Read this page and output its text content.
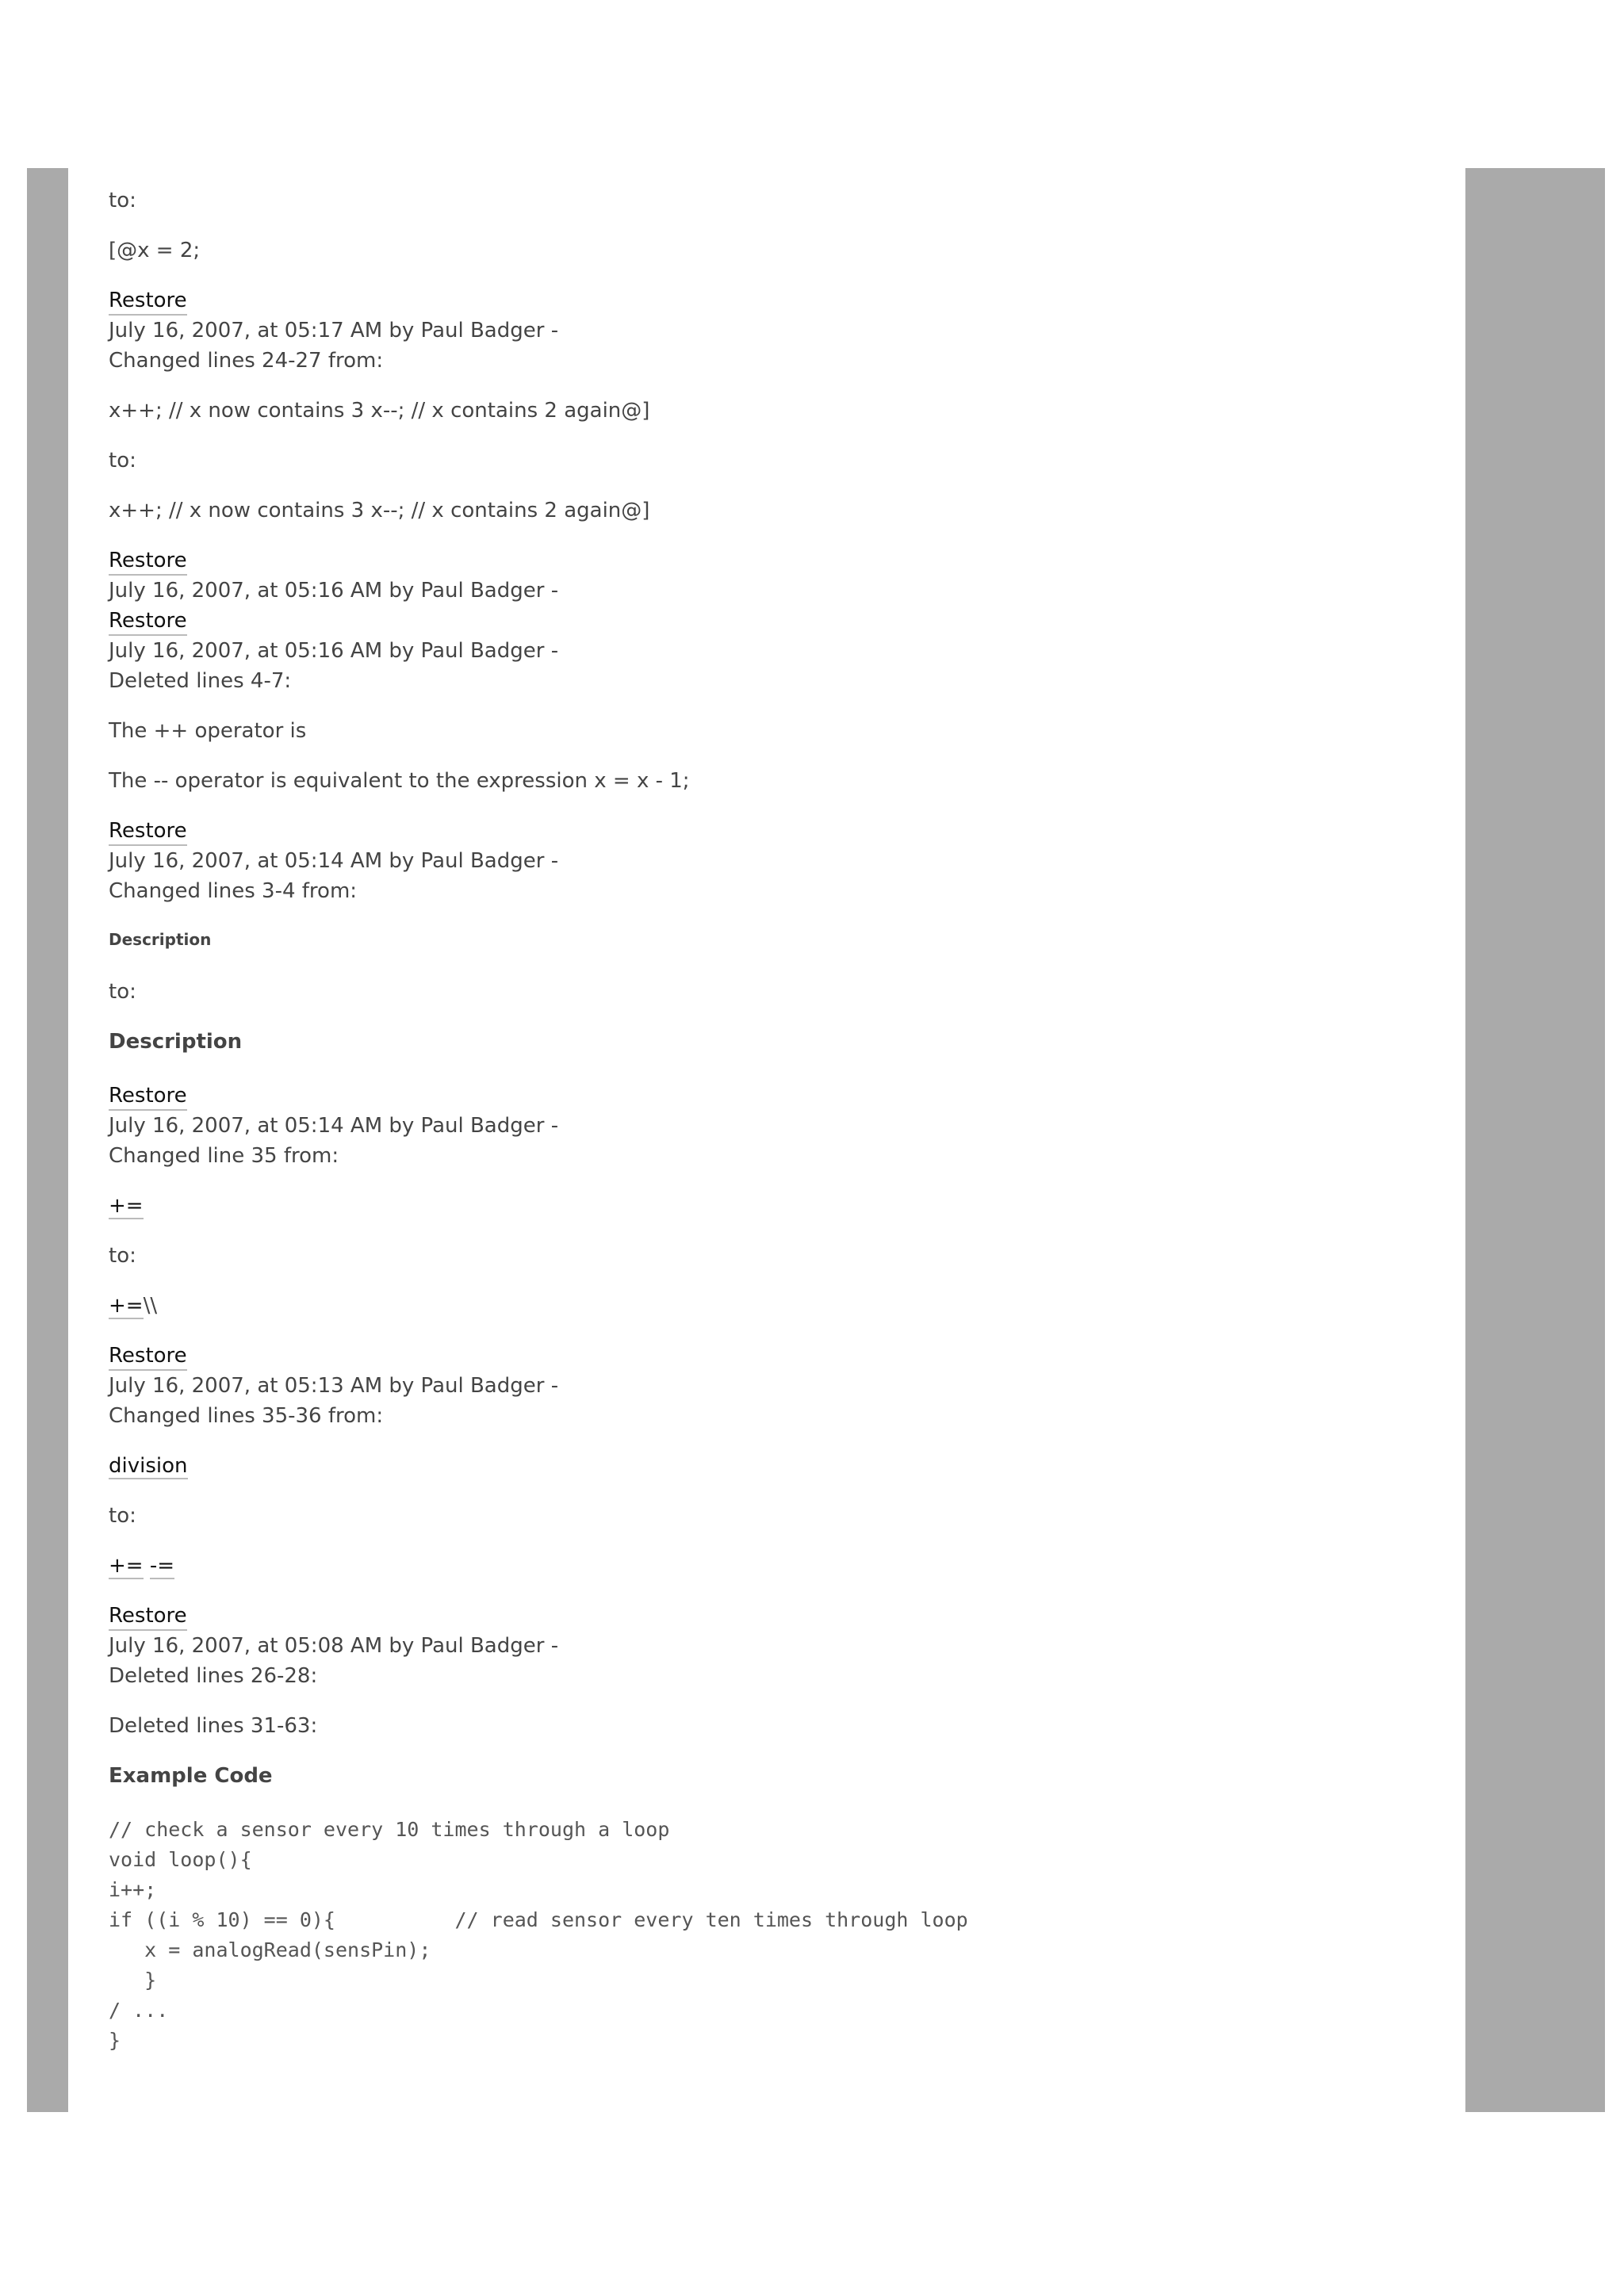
to:

[@x = 2;

Restore
July 16, 2007, at 05:17 AM by Paul Badger -
Changed lines 24-27 from:

x++; // x now contains 3 x--; // x contains 2 again@]

to:

x++; // x now contains 3 x--; // x contains 2 again@]

Restore
July 16, 2007, at 05:16 AM by Paul Badger -
Restore
July 16, 2007, at 05:16 AM by Paul Badger -
Deleted lines 4-7:

The ++ operator is

The -- operator is equivalent to the expression x = x - 1;

Restore
July 16, 2007, at 05:14 AM by Paul Badger -
Changed lines 3-4 from:
Description

to:

Description
Restore
July 16, 2007, at 05:14 AM by Paul Badger -
Changed line 35 from:

+=

to:

+=\\

Restore
July 16, 2007, at 05:13 AM by Paul Badger -
Changed lines 35-36 from:

division

to:

+= -=

Restore
July 16, 2007, at 05:08 AM by Paul Badger -
Deleted lines 26-28:

Deleted lines 31-63:

Example Code
// check a sensor every 10 times through a loop
void loop(){
i++;
if ((i % 10) == 0){          // read sensor every ten times through loop
x = analogRead(sensPin);
}
/ ...
}
